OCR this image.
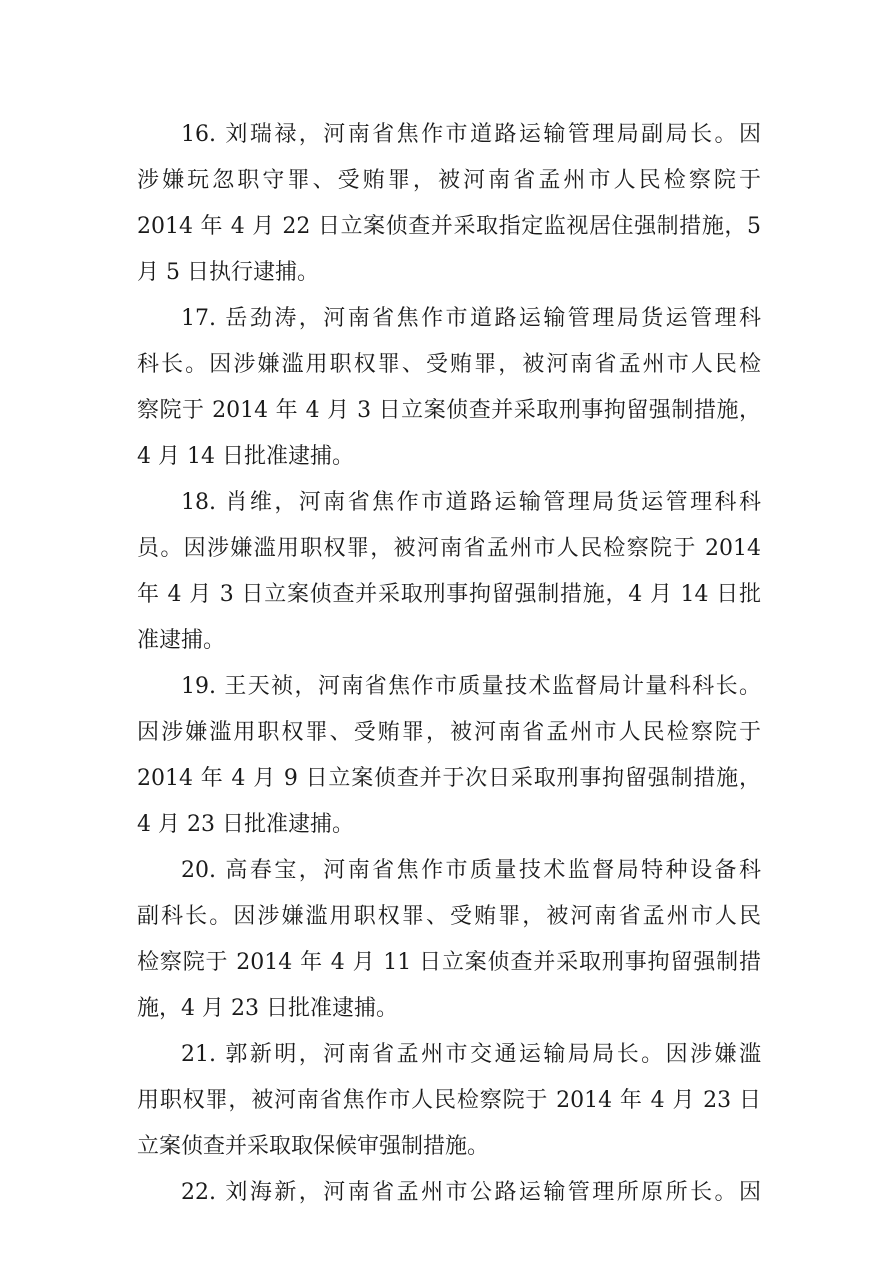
16. 刘瑞禄，河南省焦作市道路运输管理局副局长。因
涉嫌玩忽职守罪、受贿罪，被河南省孟州市人民检察院于
2014 年 4 月 22 日立案侦查并采取指定监视居住强制措施，5
月 5 日执行逮捕。
17. 岳劲涛，河南省焦作市道路运输管理局货运管理科
科长。因涉嫌滥用职权罪、受贿罪，被河南省孟州市人民检
察院于 2014 年 4 月 3 日立案侦查并采取刑事拘留强制措施，
4 月 14 日批准逮捕。
18. 肖维，河南省焦作市道路运输管理局货运管理科科
员。因涉嫌滥用职权罪，被河南省孟州市人民检察院于 2014
年 4 月 3 日立案侦查并采取刑事拘留强制措施，4 月 14 日批
准逮捕。
19. 王天祯，河南省焦作市质量技术监督局计量科科长。
因涉嫌滥用职权罪、受贿罪，被河南省孟州市人民检察院于
2014 年 4 月 9 日立案侦查并于次日采取刑事拘留强制措施，
4 月 23 日批准逮捕。
20. 高春宝，河南省焦作市质量技术监督局特种设备科
副科长。因涉嫌滥用职权罪、受贿罪，被河南省孟州市人民
检察院于 2014 年 4 月 11 日立案侦查并采取刑事拘留强制措
施，4 月 23 日批准逮捕。
21. 郭新明，河南省孟州市交通运输局局长。因涉嫌滥
用职权罪，被河南省焦作市人民检察院于 2014 年 4 月 23 日
立案侦查并采取取保候审强制措施。
22. 刘海新，河南省孟州市公路运输管理所原所长。因
